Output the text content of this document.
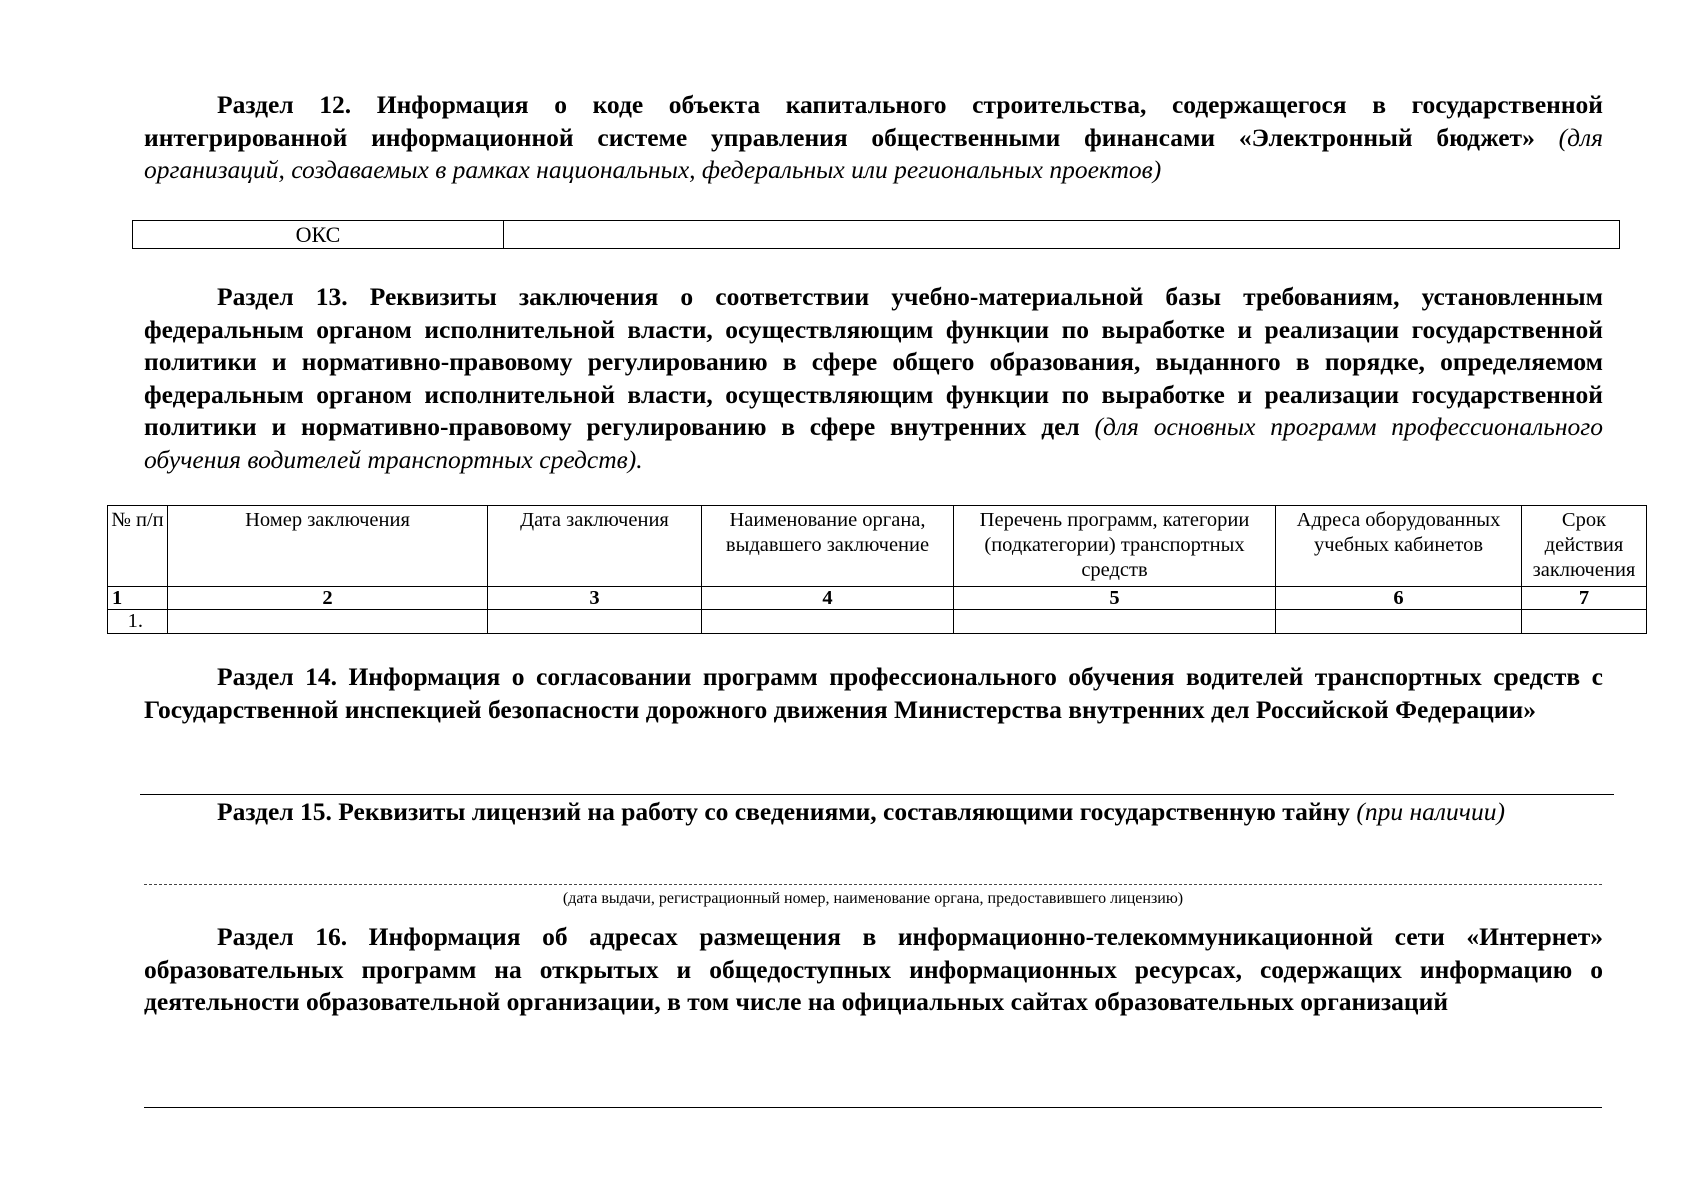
Раздел 12. Информация о коде объекта капитального строительства, содержащегося в государственной интегрированной информационной системе управления общественными финансами «Электронный бюджет» (для организаций, создаваемых в рамках национальных, федеральных или региональных проектов)

ОКС	

Раздел 13. Реквизиты заключения о соответствии учебно-материальной базы требованиям, установленным федеральным органом исполнительной власти, осуществляющим функции по выработке и реализации государственной политики и нормативно-правовому регулированию в сфере общего образования, выданного в порядке, определяемом федеральным органом исполнительной власти, осуществляющим функции по выработке и реализации государственной политики и нормативно-правовому регулированию в сфере внутренних дел (для основных программ профессионального обучения водителей транспортных средств).

№ п/п	Номер заключения	Дата заключения	Наименование органа, выдавшего заключение	Перечень программ, категории (подкатегории) транспортных средств	Адреса оборудованных учебных кабинетов	Срок действия заключения
1	2	3	4	5	6	7
1.						

Раздел 14. Информация о согласовании программ профессионального обучения водителей транспортных средств с Государственной инспекцией безопасности дорожного движения Министерства внутренних дел Российской Федерации»

Раздел 15. Реквизиты лицензий на работу со сведениями, составляющими государственную тайну (при наличии)

(дата выдачи, регистрационный номер, наименование органа, предоставившего лицензию)

Раздел 16. Информация об адресах размещения в информационно-телекоммуникационной сети «Интернет» образовательных программ на открытых и общедоступных информационных ресурсах, содержащих информацию о деятельности образовательной организации, в том числе на официальных сайтах образовательных организаций
